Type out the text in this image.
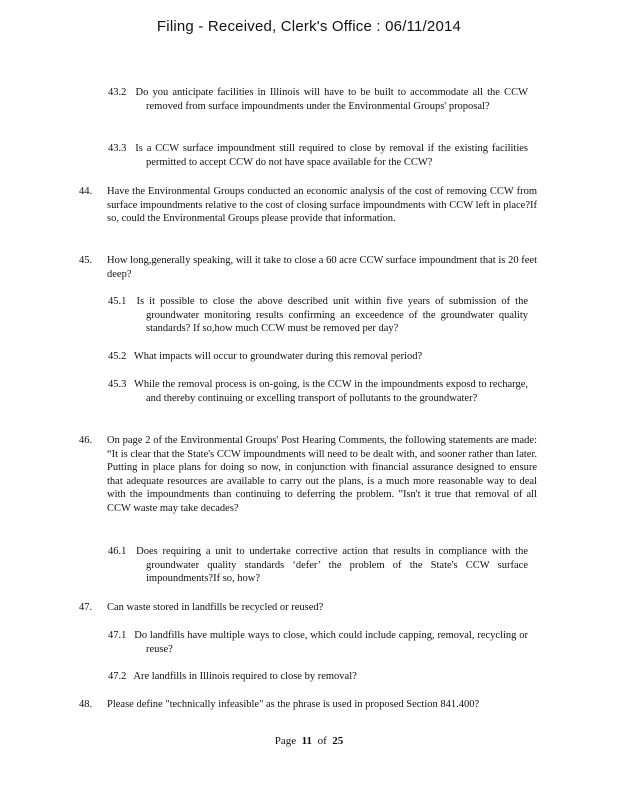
Filing - Received, Clerk's Office : 06/11/2014
43.2 Do you anticipate facilities in Illinois will have to be built to accommodate all the CCW removed from surface impoundments under the Environmental Groups' proposal?
43.3 Is a CCW surface impoundment still required to close by removal if the existing facilities permitted to accept CCW do not have space available for the CCW?
44. Have the Environmental Groups conducted an economic analysis of the cost of removing CCW from surface impoundments relative to the cost of closing surface impoundments with CCW left in place?If so, could the Environmental Groups please provide that information.
45. How long,generally speaking, will it take to close a 60 acre CCW surface impoundment that is 20 feet deep?
45.1 Is it possible to close the above described unit within five years of submission of the groundwater monitoring results confirming an exceedence of the groundwater quality standards? If so,how much CCW must be removed per day?
45.2 What impacts will occur to groundwater during this removal period?
45.3 While the removal process is on-going, is the CCW in the impoundments exposd to recharge, and thereby continuing or excelling transport of pollutants to the groundwater?
46. On page 2 of the Environmental Groups' Post Hearing Comments, the following statements are made: “It is clear that the State's CCW impoundments will need to be dealt with, and sooner rather than later. Putting in place plans for doing so now, in conjunction with financial assurance designed to ensure that adequate resources are available to carry out the plans, is a much more reasonable way to deal with the impoundments than continuing to deferring the problem. ”Isn't it true that removal of all CCW waste may take decades?
46.1 Does requiring a unit to undertake corrective action that results in compliance with the groundwater quality standards ‘defer’ the problem of the State's CCW surface impoundments?If so, how?
47. Can waste stored in landfills be recycled or reused?
47.1 Do landfills have multiple ways to close, which could include capping, removal, recycling or reuse?
47.2 Are landfills in Illinois required to close by removal?
48. Please define "technically infeasible" as the phrase is used in proposed Section 841.400?
Page 11 of 25
